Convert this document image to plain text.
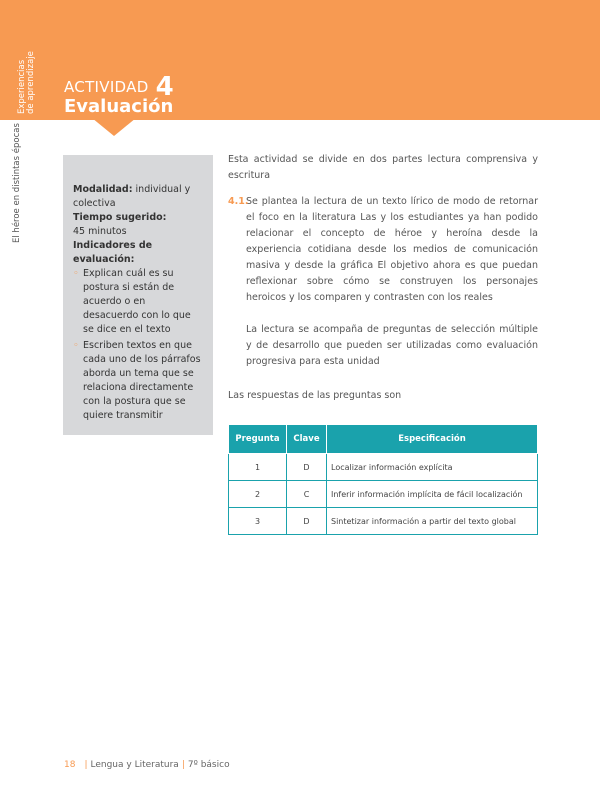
Experiencias
de aprendizaje
El héroe en distintas épocas
ACTIVIDAD 4
Evaluación

Modalidad: individual y colectiva

Tiempo sugerido:

45 minutos

Indicadores de evaluación:

◦ Explican cuál es su postura si están de acuerdo o en desacuerdo con lo que se dice en el texto
◦ Escriben textos en que cada uno de los párrafos aborda un tema que se relaciona directamente con la postura que se quiere transmitir

Esta actividad se divide en dos partes lectura comprensiva y escritura

4.1.

Se plantea la lectura de un texto lírico de modo de retornar el foco en la literatura Las y los estudiantes ya han podido relacionar el concepto de héroe y heroína desde la experiencia cotidiana desde los medios de comunicación masiva y desde la gráfica El objetivo ahora es que puedan reflexionar sobre cómo se construyen los personajes heroicos y los comparen y contrasten con los reales

La lectura se acompaña de preguntas de selección múltiple y de desarrollo que pueden ser utilizadas como evaluación progresiva para esta unidad

Las respuestas de las preguntas son

Pregunta	Clave	Especificación
1	D	Localizar información explícita
2	C	Inferir información implícita de fácil localización
3	D	Sintetizar información a partir del texto global
18 | Lengua y Literatura | 7º básico
